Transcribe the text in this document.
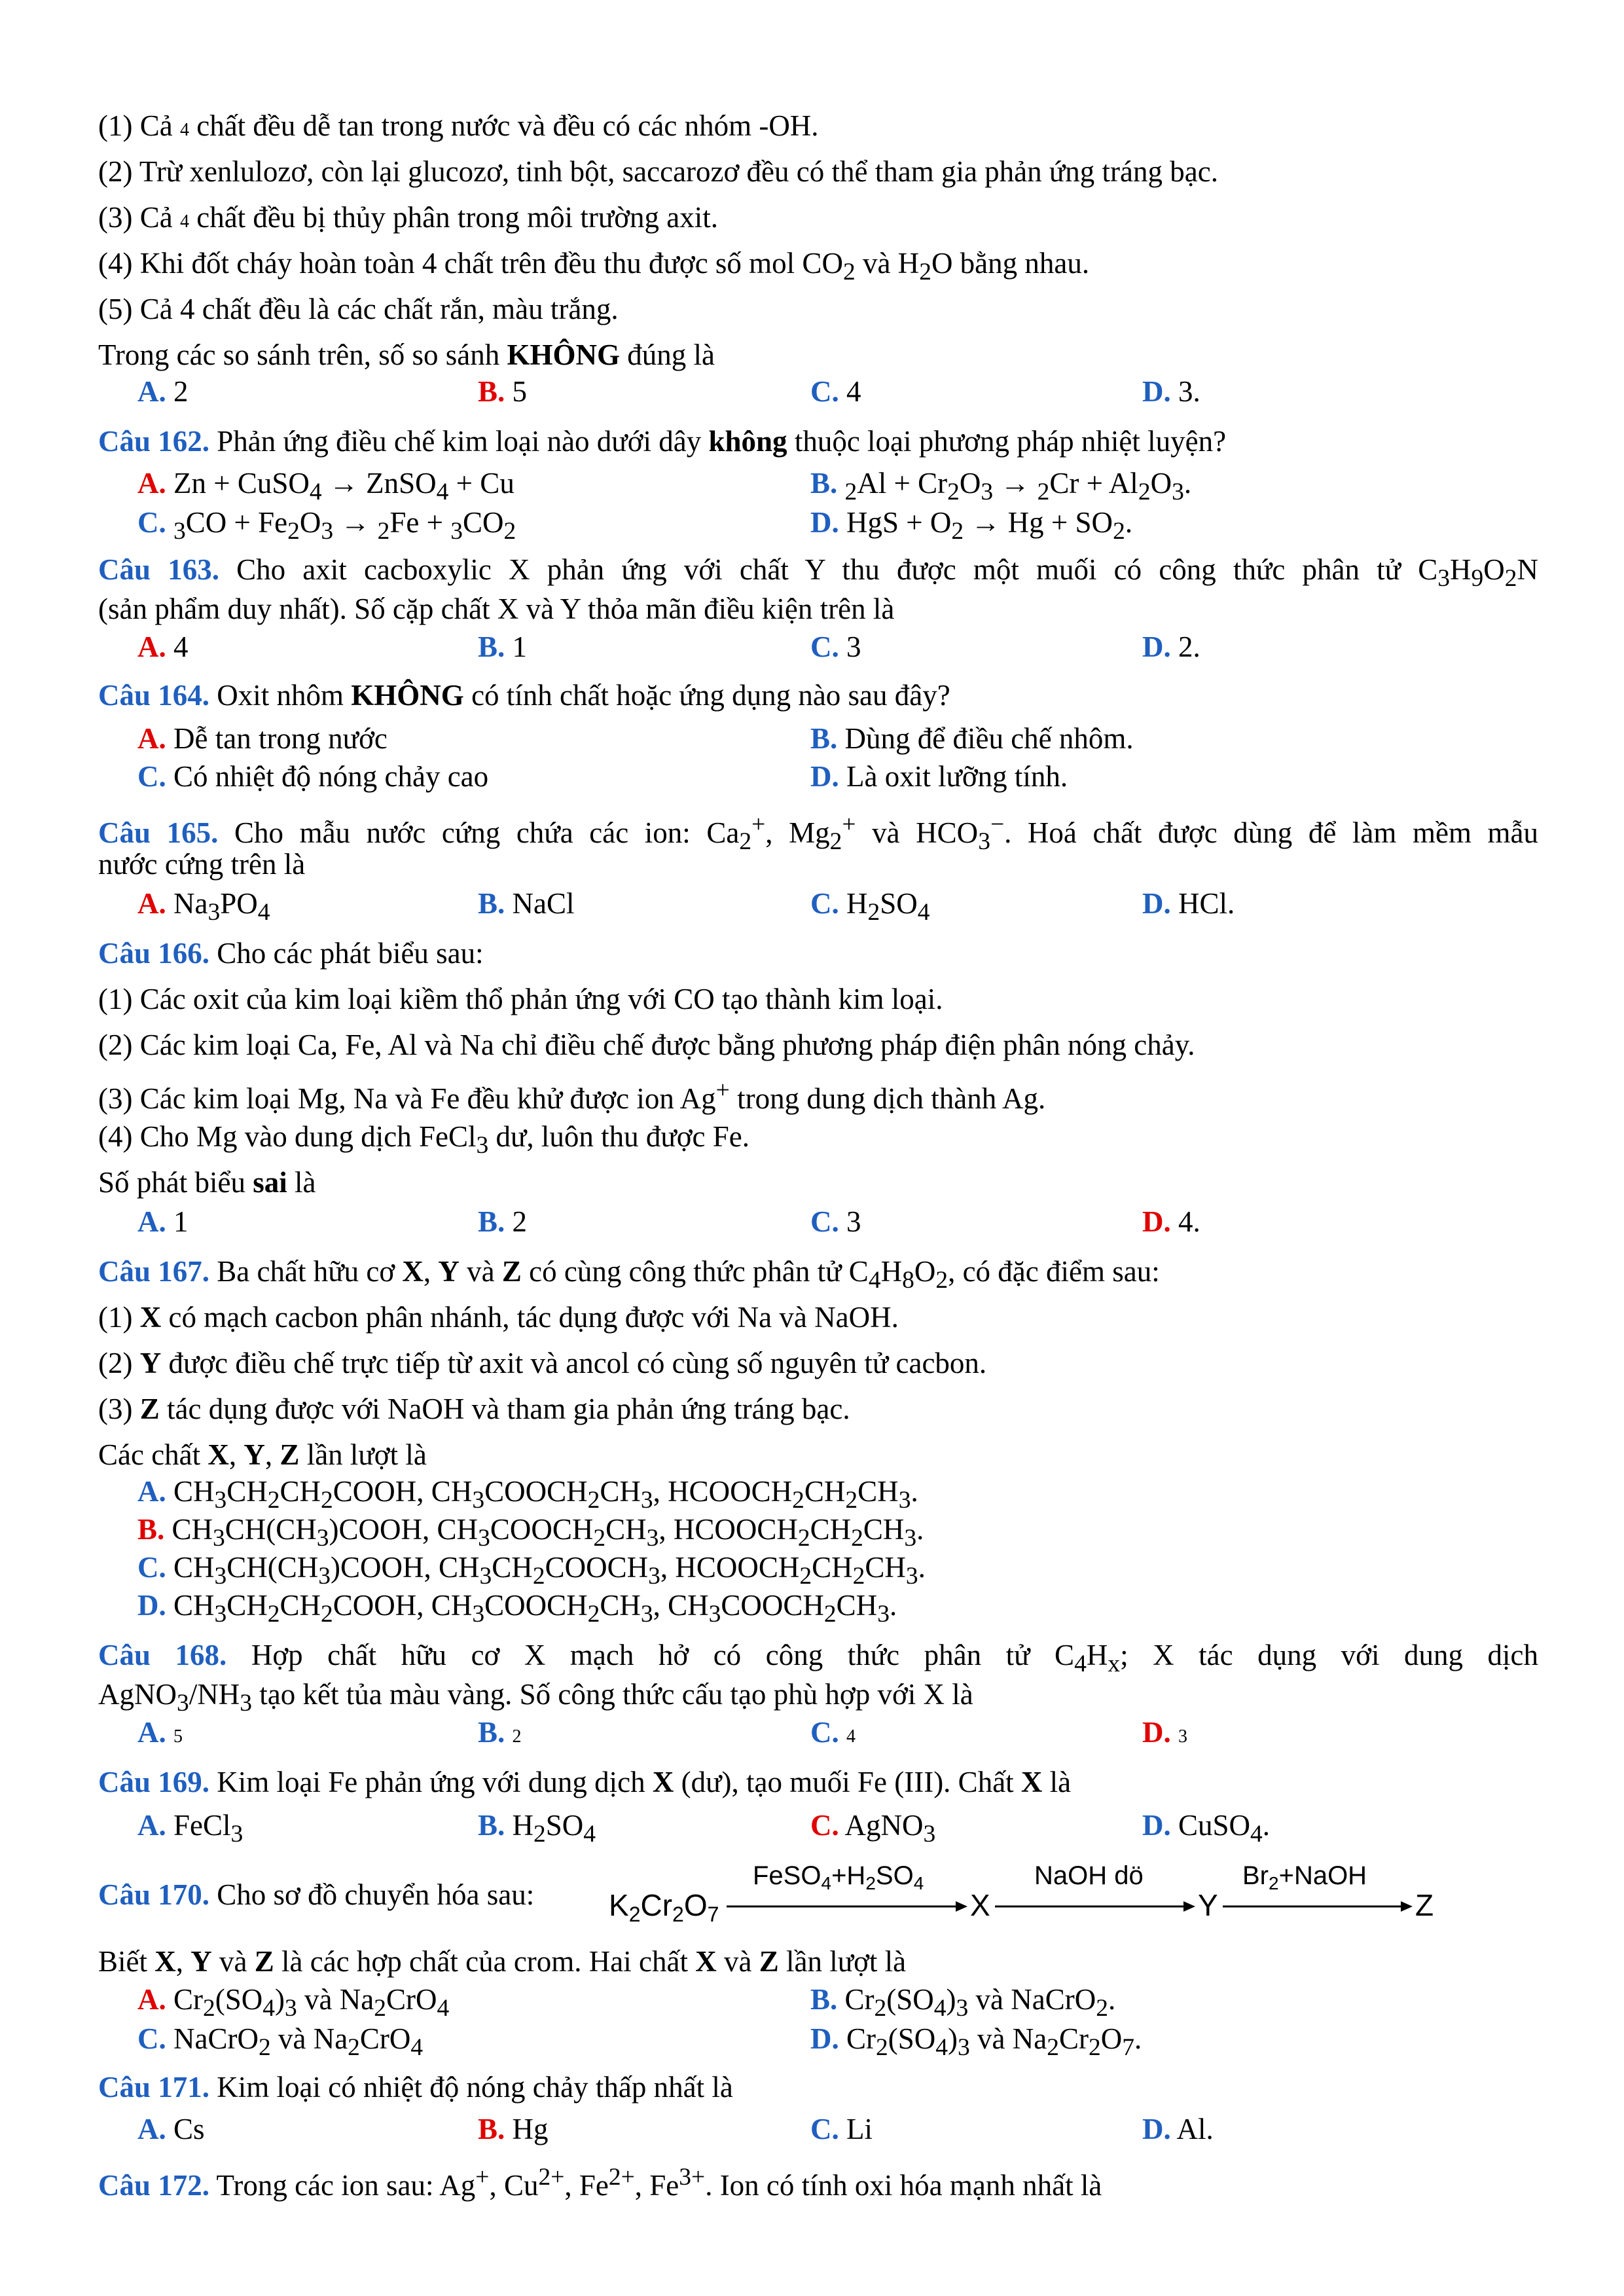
(1) Cả 4 chất đều dễ tan trong nước và đều có các nhóm -OH.
(2) Trừ xenlulozơ, còn lại glucozơ, tinh bột, saccarozơ đều có thể tham gia phản ứng tráng bạc.
(3) Cả 4 chất đều bị thủy phân trong môi trường axit.
(4) Khi đốt cháy hoàn toàn 4 chất trên đều thu được số mol $CO_2$ và $H_2O$ bằng nhau.
(5) Cả 4 chất đều là các chất rắn, màu trắng.
Trong các so sánh trên, số so sánh KHÔNG đúng là
A. 2	B. 5	C. 4	D. 3.
Câu 162. Phản ứng điều chế kim loại nào dưới dây không thuộc loại phương pháp nhiệt luyện?
A. Zn + CuSO$_4$ → ZnSO$_4$ + Cu	B. $_2Al + Cr_2O_3 \to _2Cr + Al_2O_3$.
C. $_3CO + Fe_2O_3 \to _2Fe + _3CO_2$	D. HgS + $O_2 \to Hg + SO_2$.
Câu 163. Cho axit cacboxylic X phản ứng với chất Y thu được một muối có công thức phân tử $C_3H_9O_2N$
(sản phẩm duy nhất). Số cặp chất X và Y thỏa mãn điều kiện trên là
A. 4	B. 1	C. 3	D. 2.
Câu 164. Oxit nhôm KHÔNG có tính chất hoặc ứng dụng nào sau đây?
A. Dễ tan trong nước	B. Dùng để điều chế nhôm.
C. Có nhiệt độ nóng chảy cao	D. Là oxit lưỡng tính.
Câu 165. Cho mẫu nước cứng chứa các ion: $Ca_2^+$, $Mg_2^+$ và $HCO_3^-$. Hoá chất được dùng để làm mềm mẫu
nước cứng trên là
A. $Na_3PO_4$	B. NaCl	C. $H_2SO_4$	D. HCl.
Câu 166. Cho các phát biểu sau:
(1) Các oxit của kim loại kiềm thổ phản ứng với CO tạo thành kim loại.
(2) Các kim loại Ca, Fe, Al và Na chỉ điều chế được bằng phương pháp điện phân nóng chảy.
(3) Các kim loại Mg, Na và Fe đều khử được ion Ag+ trong dung dịch thành Ag.
(4) Cho Mg vào dung dịch FeCl$_3$ dư, luôn thu được Fe.
Số phát biểu sai là
A. 1	B. 2	C. 3	D. 4.
Câu 167. Ba chất hữu cơ X, Y và Z có cùng công thức phân tử $C_4H_8O_2$, có đặc điểm sau:
(1) X có mạch cacbon phân nhánh, tác dụng được với Na và NaOH.
(2) Y được điều chế trực tiếp từ axit và ancol có cùng số nguyên tử cacbon.
(3) Z tác dụng được với NaOH và tham gia phản ứng tráng bạc.
Các chất X, Y, Z lần lượt là
A. $CH_3CH_2CH_2COOH$, $CH_3COOCH_2CH_3$, $HCOOCH_2CH_2CH_3$.
B. $CH_3CH(CH_3)COOH$, $CH_3COOCH_2CH_3$, $HCOOCH_2CH_2CH_3$.
C. $CH_3CH(CH_3)COOH$, $CH_3CH_2COOCH_3$, $HCOOCH_2CH_2CH_3$.
D. $CH_3CH_2CH_2COOH$, $CH_3COOCH_2CH_3$, $CH_3COOCH_2CH_3$.
Câu 168. Hợp chất hữu cơ X mạch hở có công thức phân tử $C_4H_x$; X tác dụng với dung dịch
$AgNO_3/NH_3$ tạo kết tủa màu vàng. Số công thức cấu tạo phù hợp với X là
A. 5	B. 2	C. 4	D. 3
Câu 169. Kim loại Fe phản ứng với dung dịch X (dư), tạo muối Fe (III). Chất X là
A. FeCl$_3$	B. $H_2SO_4$	C. AgNO$_3$	D. CuSO$_4$.
Câu 170. Cho sơ đồ chuyển hóa sau:	K2Cr2O7
$FeSO_4+H_2SO_4$
X
NaOH dö
Y
$Br_2+NaOH$
Z
Biết X, Y và Z là các hợp chất của crom. Hai chất X và Z lần lượt là
A. $Cr_2(SO_4)_3$ và $Na_2CrO_4$	B. $Cr_2(SO_4)_3$ và NaCrO$_2$.
C. NaCrO$_2$ và $Na_2CrO_4$	D. $Cr_2(SO_4)_3$ và $Na_2Cr_2O_7$.
Câu 171. Kim loại có nhiệt độ nóng chảy thấp nhất là
A. Cs	B. Hg	C. Li	D. Al.
Câu 172. Trong các ion sau: Ag+, $Cu^{2+}$, $Fe^{2+}$, $Fe^{3+}$. Ion có tính oxi hóa mạnh nhất là
